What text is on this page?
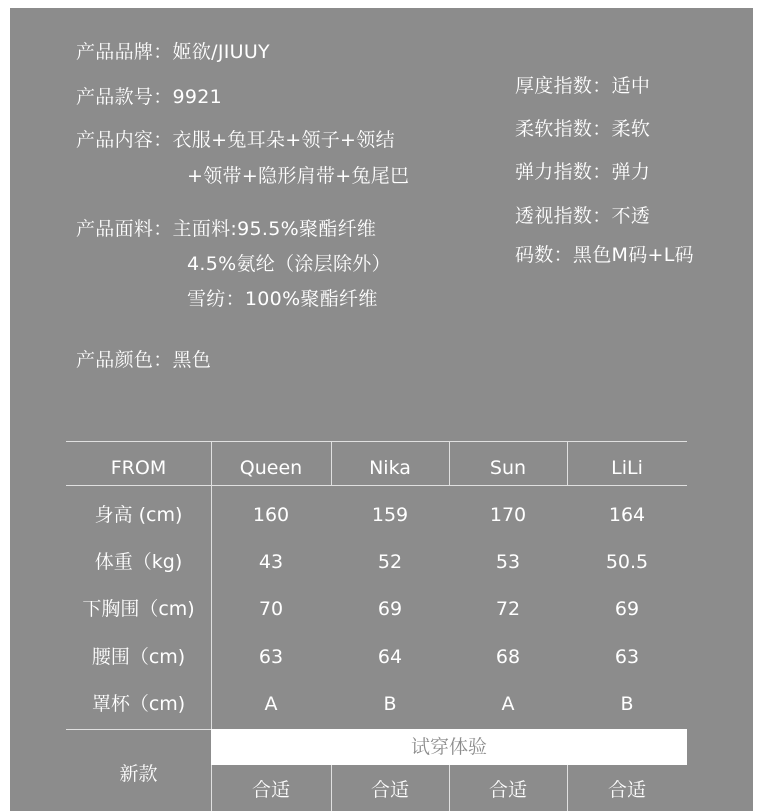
产品品牌：姬欲/JIUUY
产品款号：9921
产品内容：衣服+兔耳朵+领子+领结
+领带+隐形肩带+兔尾巴
产品面料：主面料:95.5%聚酯纤维
4.5%氨纶（涂层除外）
雪纺：100%聚酯纤维
产品颜色：黑色
厚度指数：适中
柔软指数：柔软
弹力指数：弹力
透视指数：不透
码数：黑色M码+L码
FROM	Queen	Nika	Sun	LiLi
身高 (cm)	160	159	170	164
体重（kg)	43	52	53	50.5
下胸围（cm)	70	69	72	69
腰围（cm)	63	64	68	63
罩杯（cm)	A	B	A	B
新款
试穿体验
合适	合适	合适	合适
